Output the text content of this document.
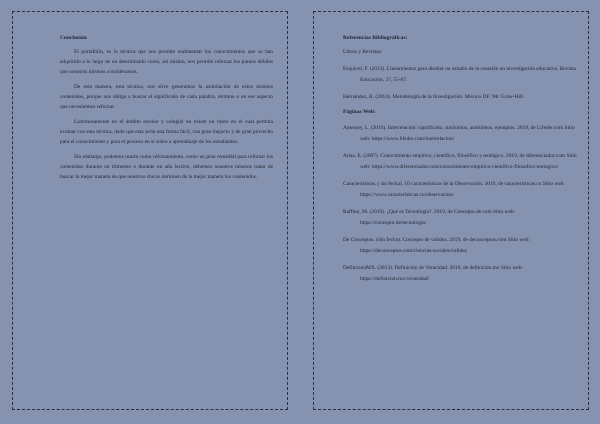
Conclusión

El portafolio, es la técnica que nos permite realimentar los conocimientos que se han adquirido a lo largo de un determinado curso, así mismo, nos permite reforzar los puntos débiles que nosotros mismos consideramos.

De esta manera, esta técnica, nos sirve generamos la asimilación de estos mismos contenidos, porque nos obliga a buscar el significado de cada palabra, término o en ese aspecto que necesitemos reforzar.

Lastimosamente en el ámbito escolar y colegial no existe un rubro en el cual permita evaluar con esta técnica, dado que esta sería una forma fácil, con gran impacto y de gran provecho para el conocimiento y para el proceso en sí sobre a aprendizaje de los estudiantes.

Sin embargo, podemos usarla como reforzamiento, como un plan remedial para reforzar los contenidos durante un trimestre o durante un año lectivo, debemos nosotros mismos tratar de buscar la mejor manera de que nuestros chicos dominen de la mejor manera los contenidos.

Referencias Bibliográficas:

Libros y Revistas:

Esquivel, F. (2013). Lineamientos para diseñar un estudio de la cuestión en investigación educativa. Revista Educación, 37, 55-87.

Hernández, R. (2014). Metodología de la Investigación. México DF: Mc Graw-Hill.

Páginas Web:

Amestoy, L. (2019). Interrelación: significado, sinónimos, antónimos, ejemplos. 2019, de Lifeder.com Sitio web: https://www.lifeder.com/interrelacion/

Arias, E. (2007). Conocimiento empírico, científico, filosófico y teológico. 2019, de diferenciador.com Sitio web: https://www.diferenciador.com/conocimiento-empirico-cientifico-filosofico-teologico/

Caracteristicas. ( sin fecha). 10 características de la Observación. 2019, de caracteristicas.co Sitio web: https://www.caracteristicas.co/observacion/

Raffino, M. (2019). ¿Qué es Tecnología?. 2019, de Concepto.de.com Sitio web: https://concepto.de/tecnologia/

De Conceptos. (Sin fecha). Concepto de validez. 2019, de deconceptos.com Sitio web: https://deconceptos.com/ciencias-sociales/validez

DefinicionMX. (2013). Definición de Veracidad. 2019, de definicion.mx Sitio web: https://definicion.mx/veracidad/
